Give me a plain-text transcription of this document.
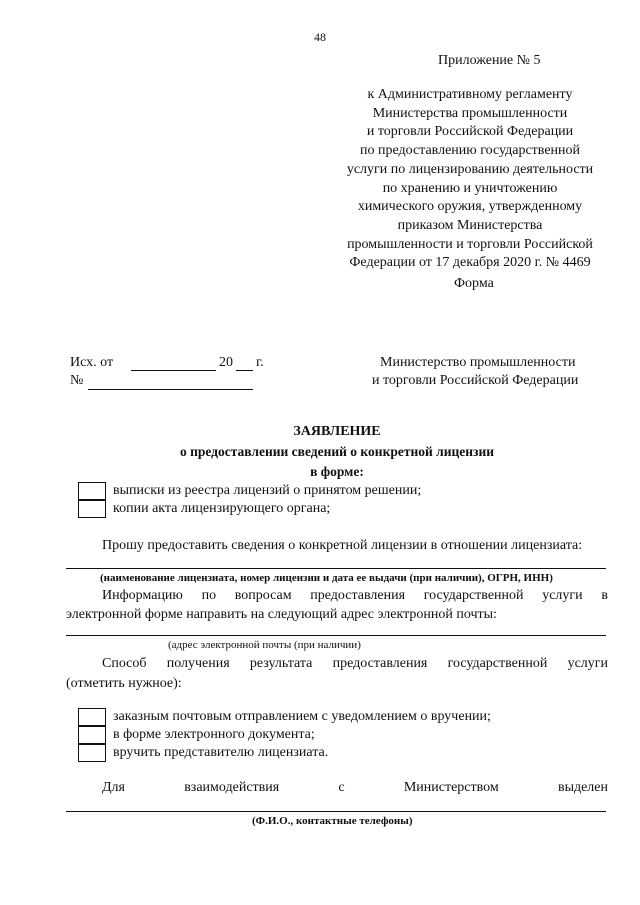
48
Приложение № 5
к Административному регламенту
Министерства промышленности
и торговли Российской Федерации
по предоставлению государственной
услуги по лицензированию деятельности
по хранению и уничтожению
химического оружия, утвержденному
приказом Министерства
промышленности и торговли Российской
Федерации от 17 декабря 2020 г. № 4469
Форма
Исх. от	20 г.
№
Министерство промышленности
и торговли Российской Федерации
ЗАЯВЛЕНИЕ
о предоставлении сведений о конкретной лицензии
в форме:
выписки из реестра лицензий о принятом решении;
копии акта лицензирующего органа;
Прошу предоставить сведения о конкретной лицензии в отношении лицензиата:
(наименование лицензиата, номер лицензии и дата ее выдачи (при наличии), ОГРН, ИНН)
Информацию по вопросам предоставления государственной услуги в
электронной форме направить на следующий адрес электронной почты:
(адрес электронной почты (при наличии)
Способ получения результата предоставления государственной услуги
(отметить нужное):
заказным почтовым отправлением с уведомлением о вручении;
в форме электронного документа;
вручить представителю лицензиата.
Для	взаимодействия	с	Министерством	выделен
(Ф.И.О., контактные телефоны)
